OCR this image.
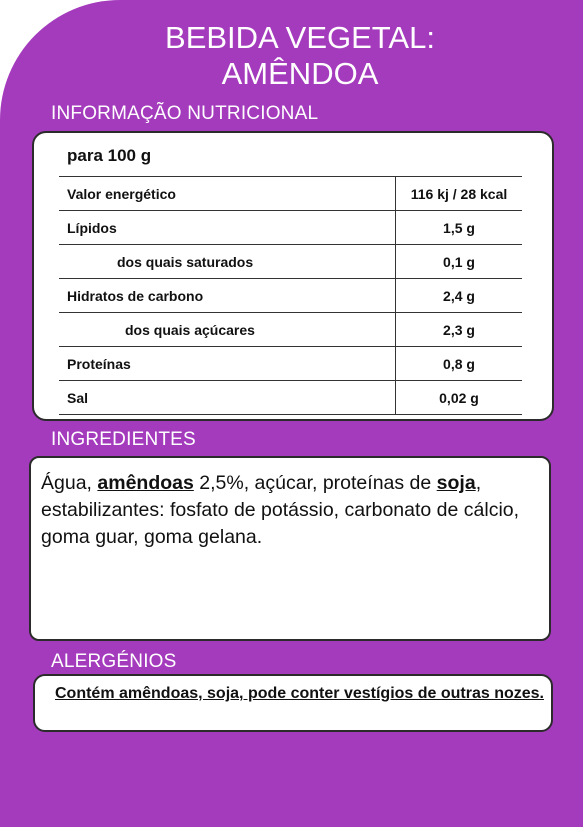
BEBIDA VEGETAL:
AMÊNDOA
INFORMAÇÃO NUTRICIONAL
para 100 g
Valor energético	116 kj / 28 kcal
Lípidos	1,5 g
dos quais saturados	0,1 g
Hidratos de carbono	2,4 g
dos quais açúcares	2,3 g
Proteínas	0,8 g
Sal	0,02 g
INGREDIENTES
Água, amêndoas 2,5%, açúcar, proteínas de soja, estabilizantes: fosfato de potássio, carbonato de cálcio, goma guar, goma gelana.
ALERGÉNIOS
Contém amêndoas, soja, pode conter vestígios de outras nozes.
